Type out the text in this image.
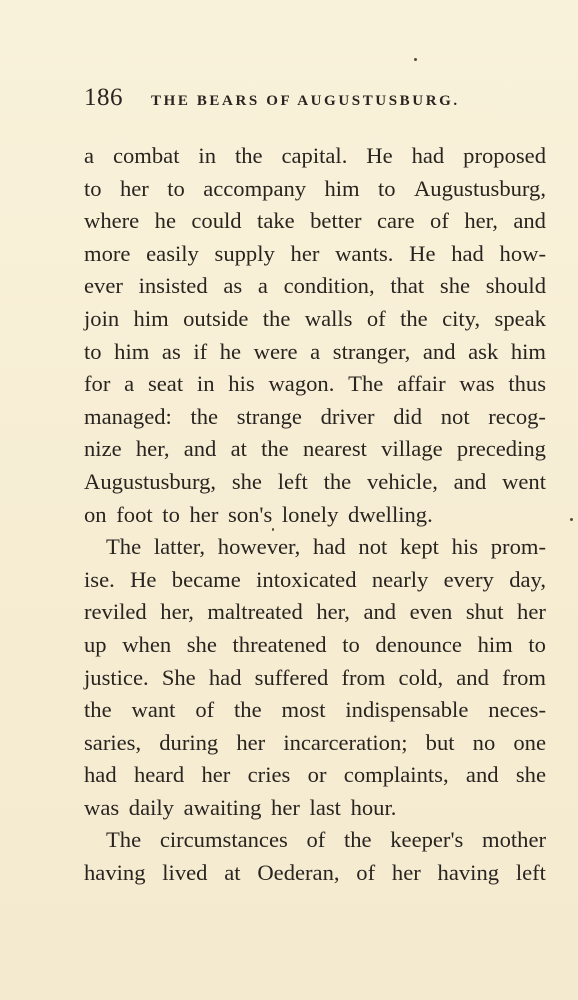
186 THE BEARS OF AUGUSTUSBURG.
a combat in the capital. He had proposed
to her to accompany him to Augustusburg,
where he could take better care of her, and
more easily supply her wants. He had how-
ever insisted as a condition, that she should
join him outside the walls of the city, speak
to him as if he were a stranger, and ask him
for a seat in his wagon. The affair was thus
managed: the strange driver did not recog-
nize her, and at the nearest village preceding
Augustusburg, she left the vehicle, and went
on foot to her son's lonely dwelling.
The latter, however, had not kept his prom-
ise. He became intoxicated nearly every day,
reviled her, maltreated her, and even shut her
up when she threatened to denounce him to
justice. She had suffered from cold, and from
the want of the most indispensable neces-
saries, during her incarceration; but no one
had heard her cries or complaints, and she
was daily awaiting her last hour.
The circumstances of the keeper's mother
having lived at Oederan, of her having left
